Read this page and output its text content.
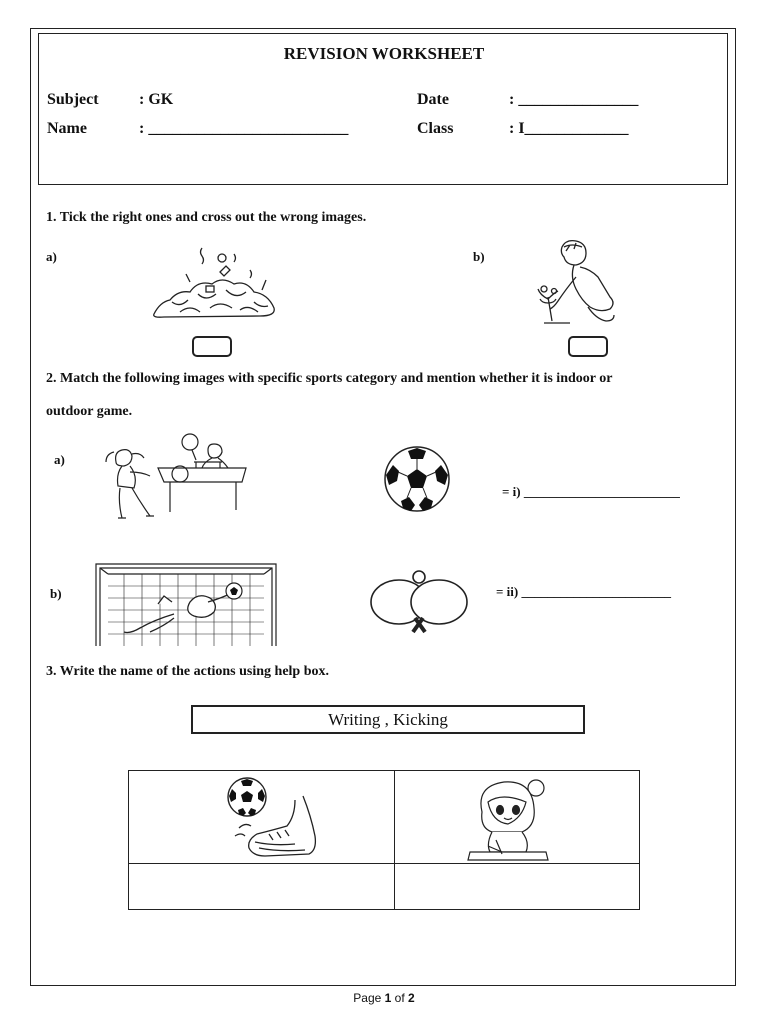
REVISION WORKSHEET
Subject	: GK	Date	: _______________
Name	: _________________________	Class	: I_____________
1. Tick the right ones and cross out the wrong images.
a)	b)
2. Match the following images with specific sports category and mention whether it is indoor or
outdoor game.
a)
b)
= i) ________________________
= ii) _______________________
3. Write the name of the actions using help box.
Writing , Kicking
Page 1 of 2
